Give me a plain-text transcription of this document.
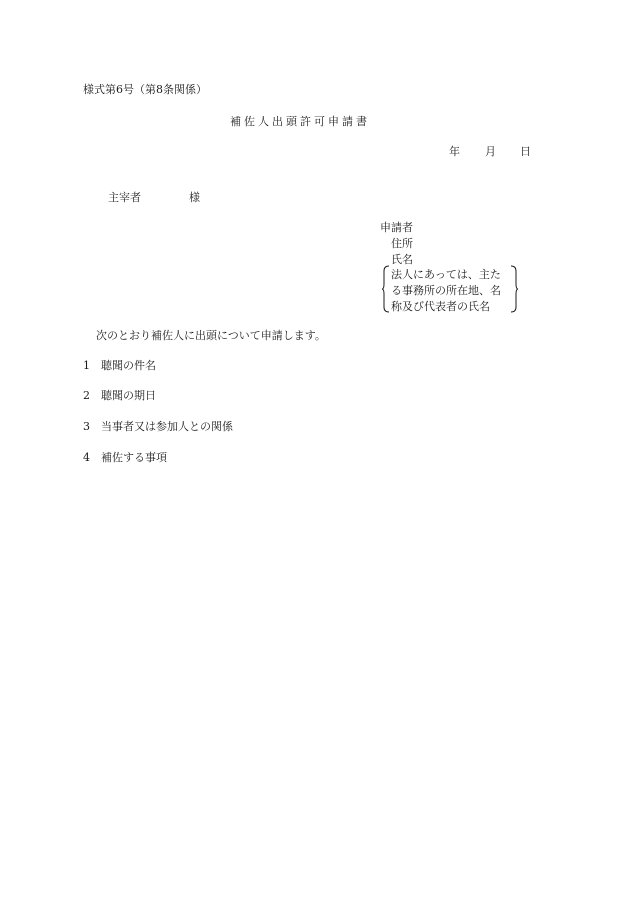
様式第6号（第8条関係）
補佐人出頭許可申請書
年 月 日
主宰者	様
申請者
住所
氏名
法人にあっては、主た
る事務所の所在地、名
称及び代表者の氏名
次のとおり補佐人に出頭について申請します。
1 聴聞の件名
2 聴聞の期日
3 当事者又は参加人との関係
4 補佐する事項
